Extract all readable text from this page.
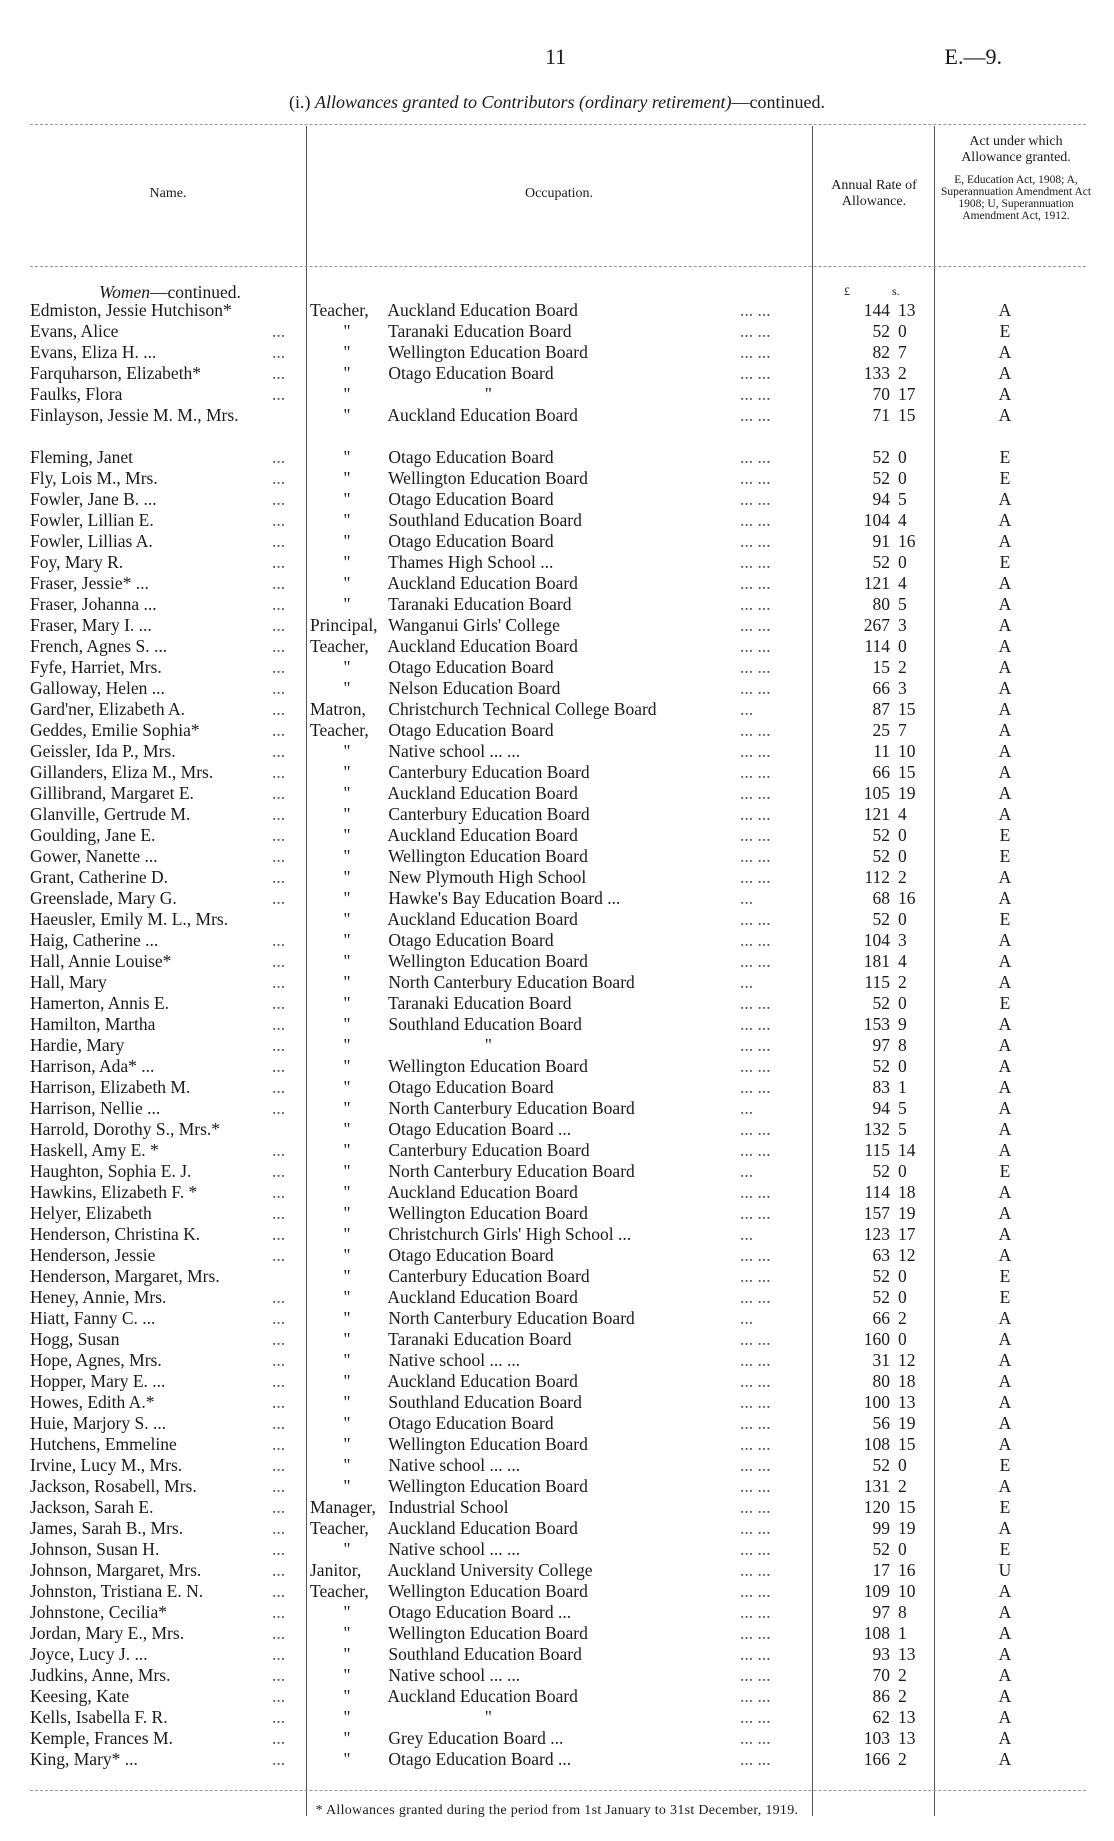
11	E.—9.
(i.) Allowances granted to Contributors (ordinary retirement)—continued.
Name.	Occupation.
Annual Rate of Allowance.
Act under which Allowance granted.
E, Education Act, 1908; A, Superannuation Amendment Act 1908; U, Superannuation Amendment Act, 1912.
Women—continued.	£	s.
Edmiston, Jessie Hutchison*	Teacher, Auckland Education Board	... ...	144 13	A
Evans, Alice	...	" Taranaki Education Board	... ...	52 0	E
Evans, Eliza H. ...	...	" Wellington Education Board	... ...	82 7	A
Farquharson, Elizabeth*	...	" Otago Education Board	... ...	133 2	A
Faulks, Flora	...	"	"	... ...	70 17	A
Finlayson, Jessie M. M., Mrs.	" Auckland Education Board	... ...	71 15	A
Fleming, Janet	...	" Otago Education Board	... ...	52 0	E
Fly, Lois M., Mrs.	...	" Wellington Education Board	... ...	52 0	E
Fowler, Jane B. ...	...	" Otago Education Board	... ...	94 5	A
Fowler, Lillian E.	...	" Southland Education Board	... ...	104 4	A
Fowler, Lillias A.	...	" Otago Education Board	... ...	91 16	A
Foy, Mary R.	...	" Thames High School ...	... ...	52 0	E
Fraser, Jessie* ...	...	" Auckland Education Board	... ...	121 4	A
Fraser, Johanna ...	...	" Taranaki Education Board	... ...	80 5	A
Fraser, Mary I. ...	...	Principal, Wanganui Girls' College	... ...	267 3	A
French, Agnes S. ...	...	Teacher, Auckland Education Board	... ...	114 0	A
Fyfe, Harriet, Mrs.	...	" Otago Education Board	... ...	15 2	A
Galloway, Helen ...	...	" Nelson Education Board	... ...	66 3	A
Gard'ner, Elizabeth A.	...	Matron, Christchurch Technical College Board	...	87 15	A
Geddes, Emilie Sophia*	...	Teacher, Otago Education Board	... ...	25 7	A
Geissler, Ida P., Mrs.	...	" Native school ... ...	... ...	11 10	A
Gillanders, Eliza M., Mrs.	...	" Canterbury Education Board	... ...	66 15	A
Gillibrand, Margaret E.	...	" Auckland Education Board	... ...	105 19	A
Glanville, Gertrude M.	...	" Canterbury Education Board	... ...	121 4	A
Goulding, Jane E.	...	" Auckland Education Board	... ...	52 0	E
Gower, Nanette ...	...	" Wellington Education Board	... ...	52 0	E
Grant, Catherine D.	...	" New Plymouth High School	... ...	112 2	A
Greenslade, Mary G.	...	" Hawke's Bay Education Board ...	...	68 16	A
Haeusler, Emily M. L., Mrs.	" Auckland Education Board	... ...	52 0	E
Haig, Catherine ...	...	" Otago Education Board	... ...	104 3	A
Hall, Annie Louise*	...	" Wellington Education Board	... ...	181 4	A
Hall, Mary	...	" North Canterbury Education Board	...	115 2	A
Hamerton, Annis E.	...	" Taranaki Education Board	... ...	52 0	E
Hamilton, Martha	...	" Southland Education Board	... ...	153 9	A
Hardie, Mary	...	"	"	... ...	97 8	A
Harrison, Ada* ...	...	" Wellington Education Board	... ...	52 0	A
Harrison, Elizabeth M.	...	" Otago Education Board	... ...	83 1	A
Harrison, Nellie ...	...	" North Canterbury Education Board	...	94 5	A
Harrold, Dorothy S., Mrs.*	" Otago Education Board ...	... ...	132 5	A
Haskell, Amy E. *	...	" Canterbury Education Board	... ...	115 14	A
Haughton, Sophia E. J.	...	" North Canterbury Education Board	...	52 0	E
Hawkins, Elizabeth F. *	...	" Auckland Education Board	... ...	114 18	A
Helyer, Elizabeth	...	" Wellington Education Board	... ...	157 19	A
Henderson, Christina K.	...	" Christchurch Girls' High School ...	...	123 17	A
Henderson, Jessie	...	" Otago Education Board	... ...	63 12	A
Henderson, Margaret, Mrs.	" Canterbury Education Board	... ...	52 0	E
Heney, Annie, Mrs.	...	" Auckland Education Board	... ...	52 0	E
Hiatt, Fanny C. ...	...	" North Canterbury Education Board	...	66 2	A
Hogg, Susan	...	" Taranaki Education Board	... ...	160 0	A
Hope, Agnes, Mrs.	...	" Native school ... ...	... ...	31 12	A
Hopper, Mary E. ...	...	" Auckland Education Board	... ...	80 18	A
Howes, Edith A.*	...	" Southland Education Board	... ...	100 13	A
Huie, Marjory S. ...	...	" Otago Education Board	... ...	56 19	A
Hutchens, Emmeline	...	" Wellington Education Board	... ...	108 15	A
Irvine, Lucy M., Mrs.	...	" Native school ... ...	... ...	52 0	E
Jackson, Rosabell, Mrs.	...	" Wellington Education Board	... ...	131 2	A
Jackson, Sarah E.	...	Manager, Industrial School	... ...	120 15	E
James, Sarah B., Mrs.	...	Teacher, Auckland Education Board	... ...	99 19	A
Johnson, Susan H.	...	" Native school ... ...	... ...	52 0	E
Johnson, Margaret, Mrs.	...	Janitor, Auckland University College	... ...	17 16	U
Johnston, Tristiana E. N.	...	Teacher, Wellington Education Board	... ...	109 10	A
Johnstone, Cecilia*	...	" Otago Education Board ...	... ...	97 8	A
Jordan, Mary E., Mrs.	...	" Wellington Education Board	... ...	108 1	A
Joyce, Lucy J. ...	...	" Southland Education Board	... ...	93 13	A
Judkins, Anne, Mrs.	...	" Native school ... ...	... ...	70 2	A
Keesing, Kate	...	" Auckland Education Board	... ...	86 2	A
Kells, Isabella F. R.	...	"	"	... ...	62 13	A
Kemple, Frances M.	...	" Grey Education Board ...	... ...	103 13	A
King, Mary* ...	...	" Otago Education Board ...	... ...	166 2	A
* Allowances granted during the period from 1st January to 31st December, 1919.
